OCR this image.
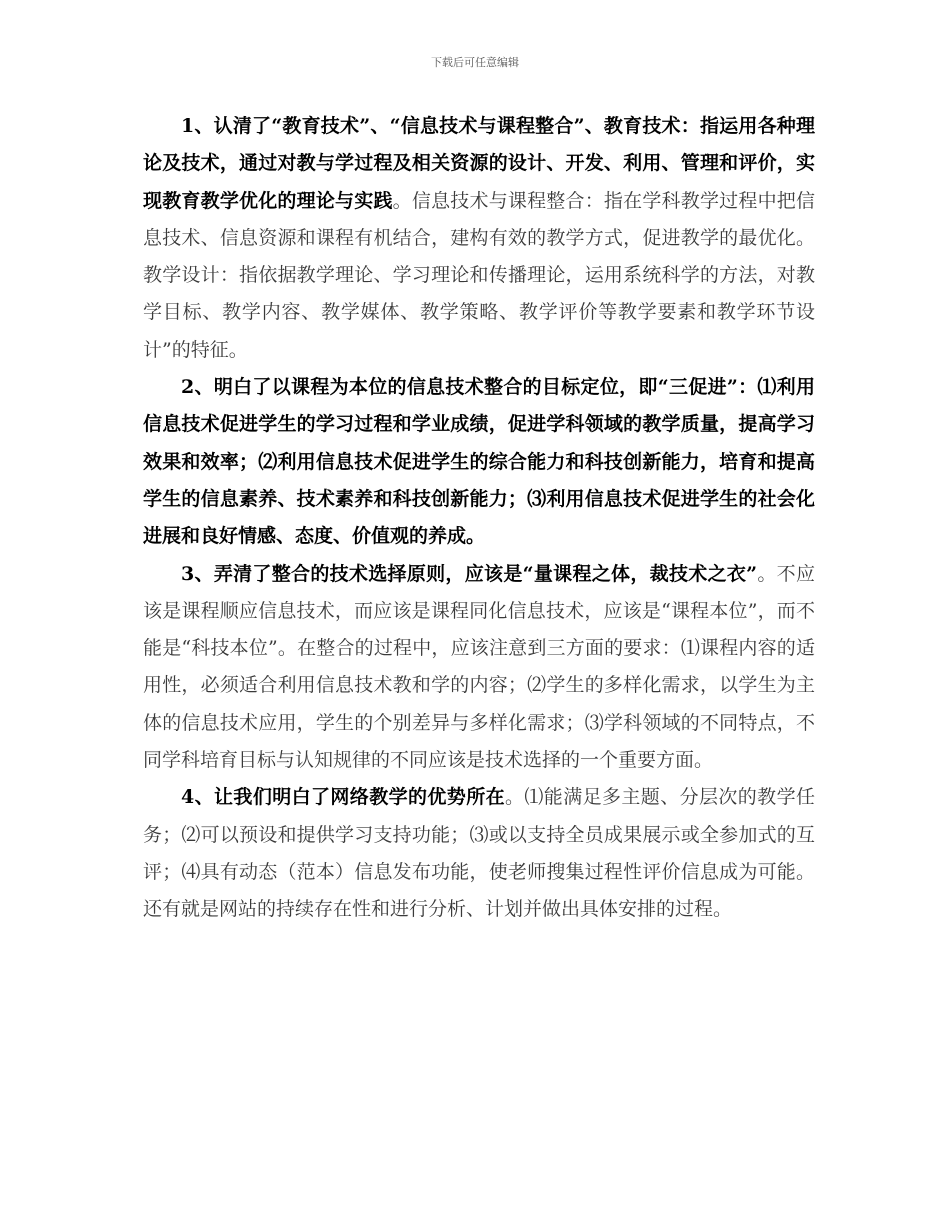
下载后可任意编辑

1、认清了“教育技术”、“信息技术与课程整合”、教育技术：指运用各种理论及技术，通过对教与学过程及相关资源的设计、开发、利用、管理和评价，实现教育教学优化的理论与实践。信息技术与课程整合：指在学科教学过程中把信息技术、信息资源和课程有机结合，建构有效的教学方式，促进教学的最优化。教学设计：指依据教学理论、学习理论和传播理论，运用系统科学的方法，对教学目标、教学内容、教学媒体、教学策略、教学评价等教学要素和教学环节设计”的特征。

2、明白了以课程为本位的信息技术整合的目标定位，即“三促进”：⑴利用信息技术促进学生的学习过程和学业成绩，促进学科领域的教学质量，提高学习效果和效率；⑵利用信息技术促进学生的综合能力和科技创新能力，培育和提高学生的信息素养、技术素养和科技创新能力；⑶利用信息技术促进学生的社会化进展和良好情感、态度、价值观的养成。

3、弄清了整合的技术选择原则，应该是“量课程之体，裁技术之衣”。不应该是课程顺应信息技术，而应该是课程同化信息技术，应该是“课程本位”，而不能是“科技本位”。在整合的过程中，应该注意到三方面的要求：⑴课程内容的适用性，必须适合利用信息技术教和学的内容；⑵学生的多样化需求，以学生为主体的信息技术应用，学生的个别差异与多样化需求；⑶学科领域的不同特点，不同学科培育目标与认知规律的不同应该是技术选择的一个重要方面。

4、让我们明白了网络教学的优势所在。⑴能满足多主题、分层次的教学任务；⑵可以预设和提供学习支持功能；⑶或以支持全员成果展示或全参加式的互评；⑷具有动态（范本）信息发布功能，使老师搜集过程性评价信息成为可能。还有就是网站的持续存在性和进行分析、计划并做出具体安排的过程。
